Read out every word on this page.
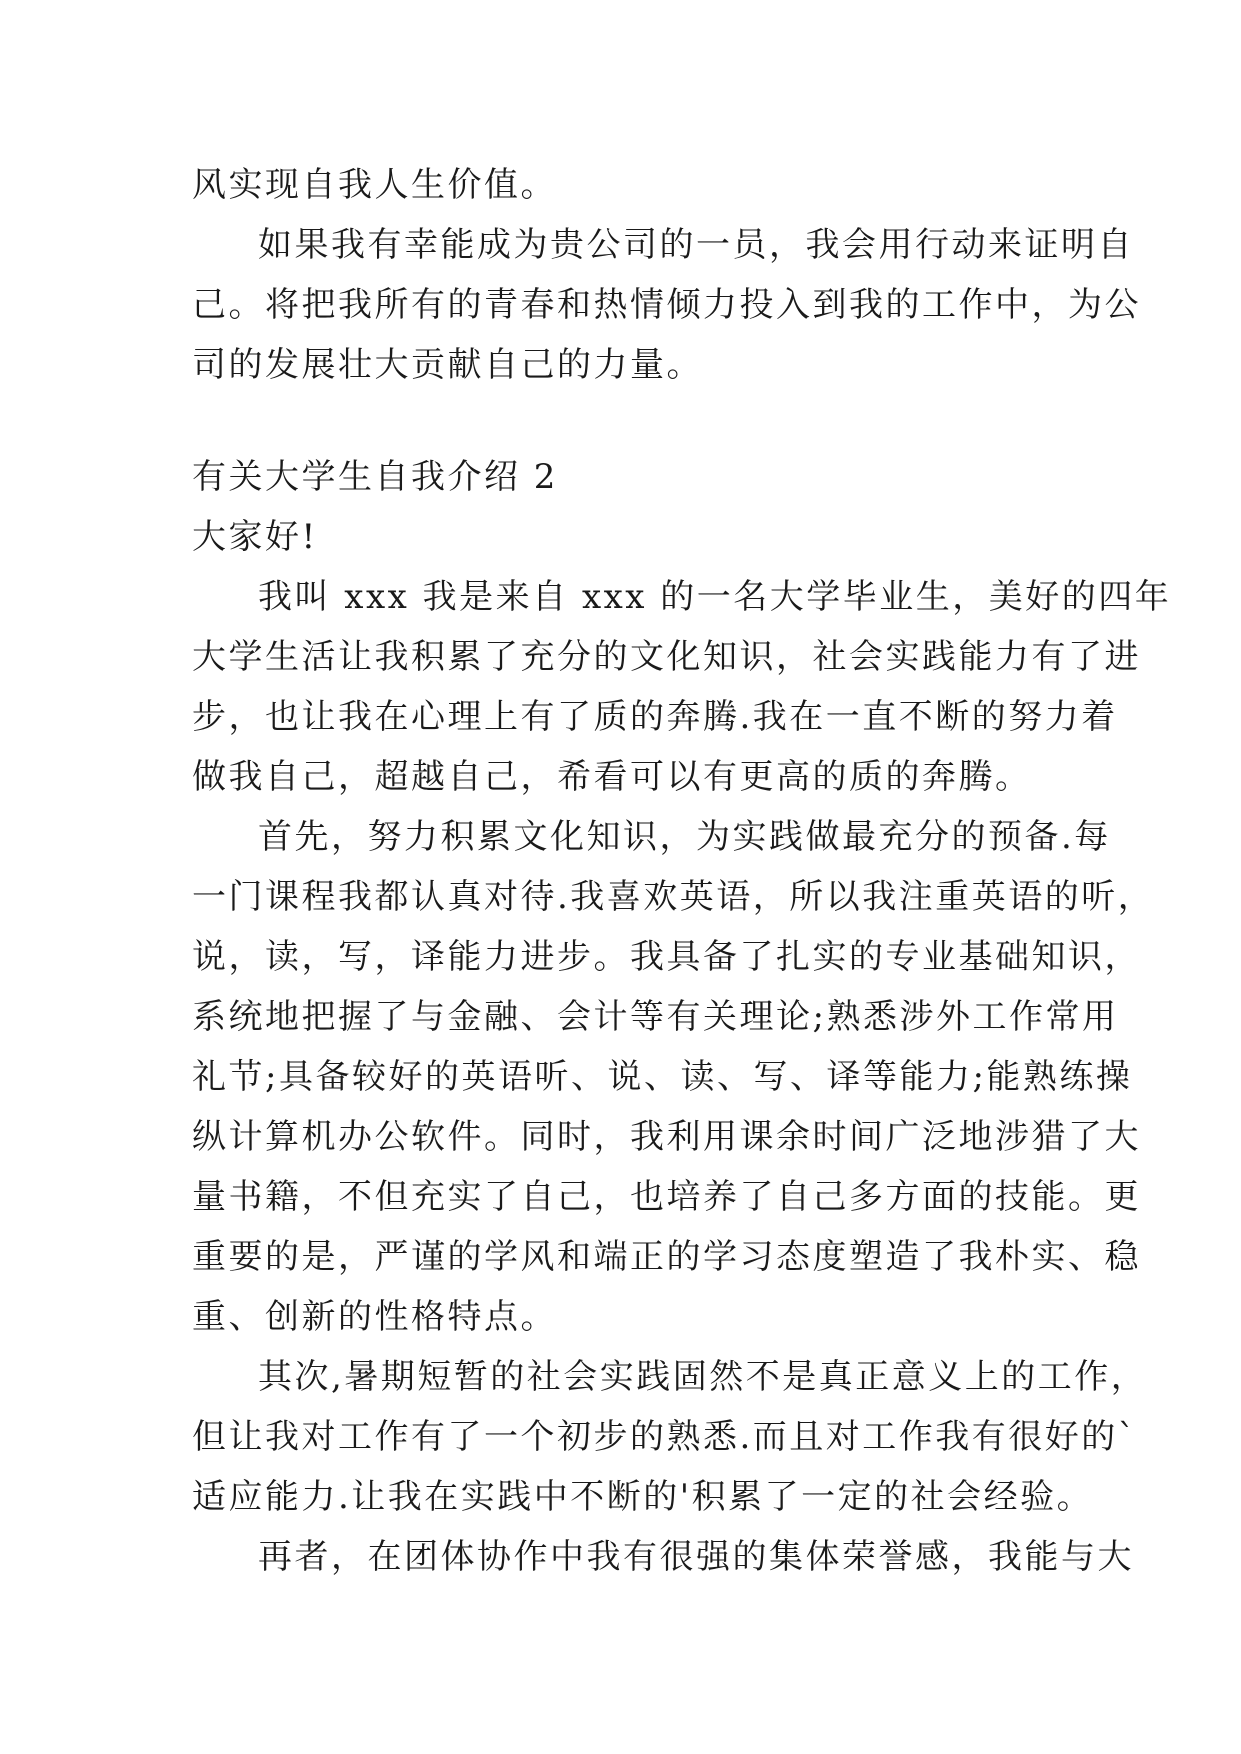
风实现自我人生价值。

如果我有幸能成为贵公司的一员，我会用行动来证明自

己。将把我所有的青春和热情倾力投入到我的工作中，为公

司的发展壮大贡献自己的力量。

有关大学生自我介绍 2

大家好!

我叫 xxx 我是来自 xxx 的一名大学毕业生，美好的四年

大学生活让我积累了充分的文化知识，社会实践能力有了进

步，也让我在心理上有了质的奔腾.我在一直不断的努力着

做我自己，超越自己，希看可以有更高的质的奔腾。

首先，努力积累文化知识，为实践做最充分的预备.每

一门课程我都认真对待.我喜欢英语，所以我注重英语的听，

说，读，写，译能力进步。我具备了扎实的专业基础知识，

系统地把握了与金融、会计等有关理论;熟悉涉外工作常用

礼节;具备较好的英语听、说、读、写、译等能力;能熟练操

纵计算机办公软件。同时，我利用课余时间广泛地涉猎了大

量书籍，不但充实了自己，也培养了自己多方面的技能。更

重要的是，严谨的学风和端正的学习态度塑造了我朴实、稳

重、创新的性格特点。

其次,暑期短暂的社会实践固然不是真正意义上的工作，

但让我对工作有了一个初步的熟悉.而且对工作我有很好的`

适应能力.让我在实践中不断的'积累了一定的社会经验。

再者，在团体协作中我有很强的集体荣誉感，我能与大
